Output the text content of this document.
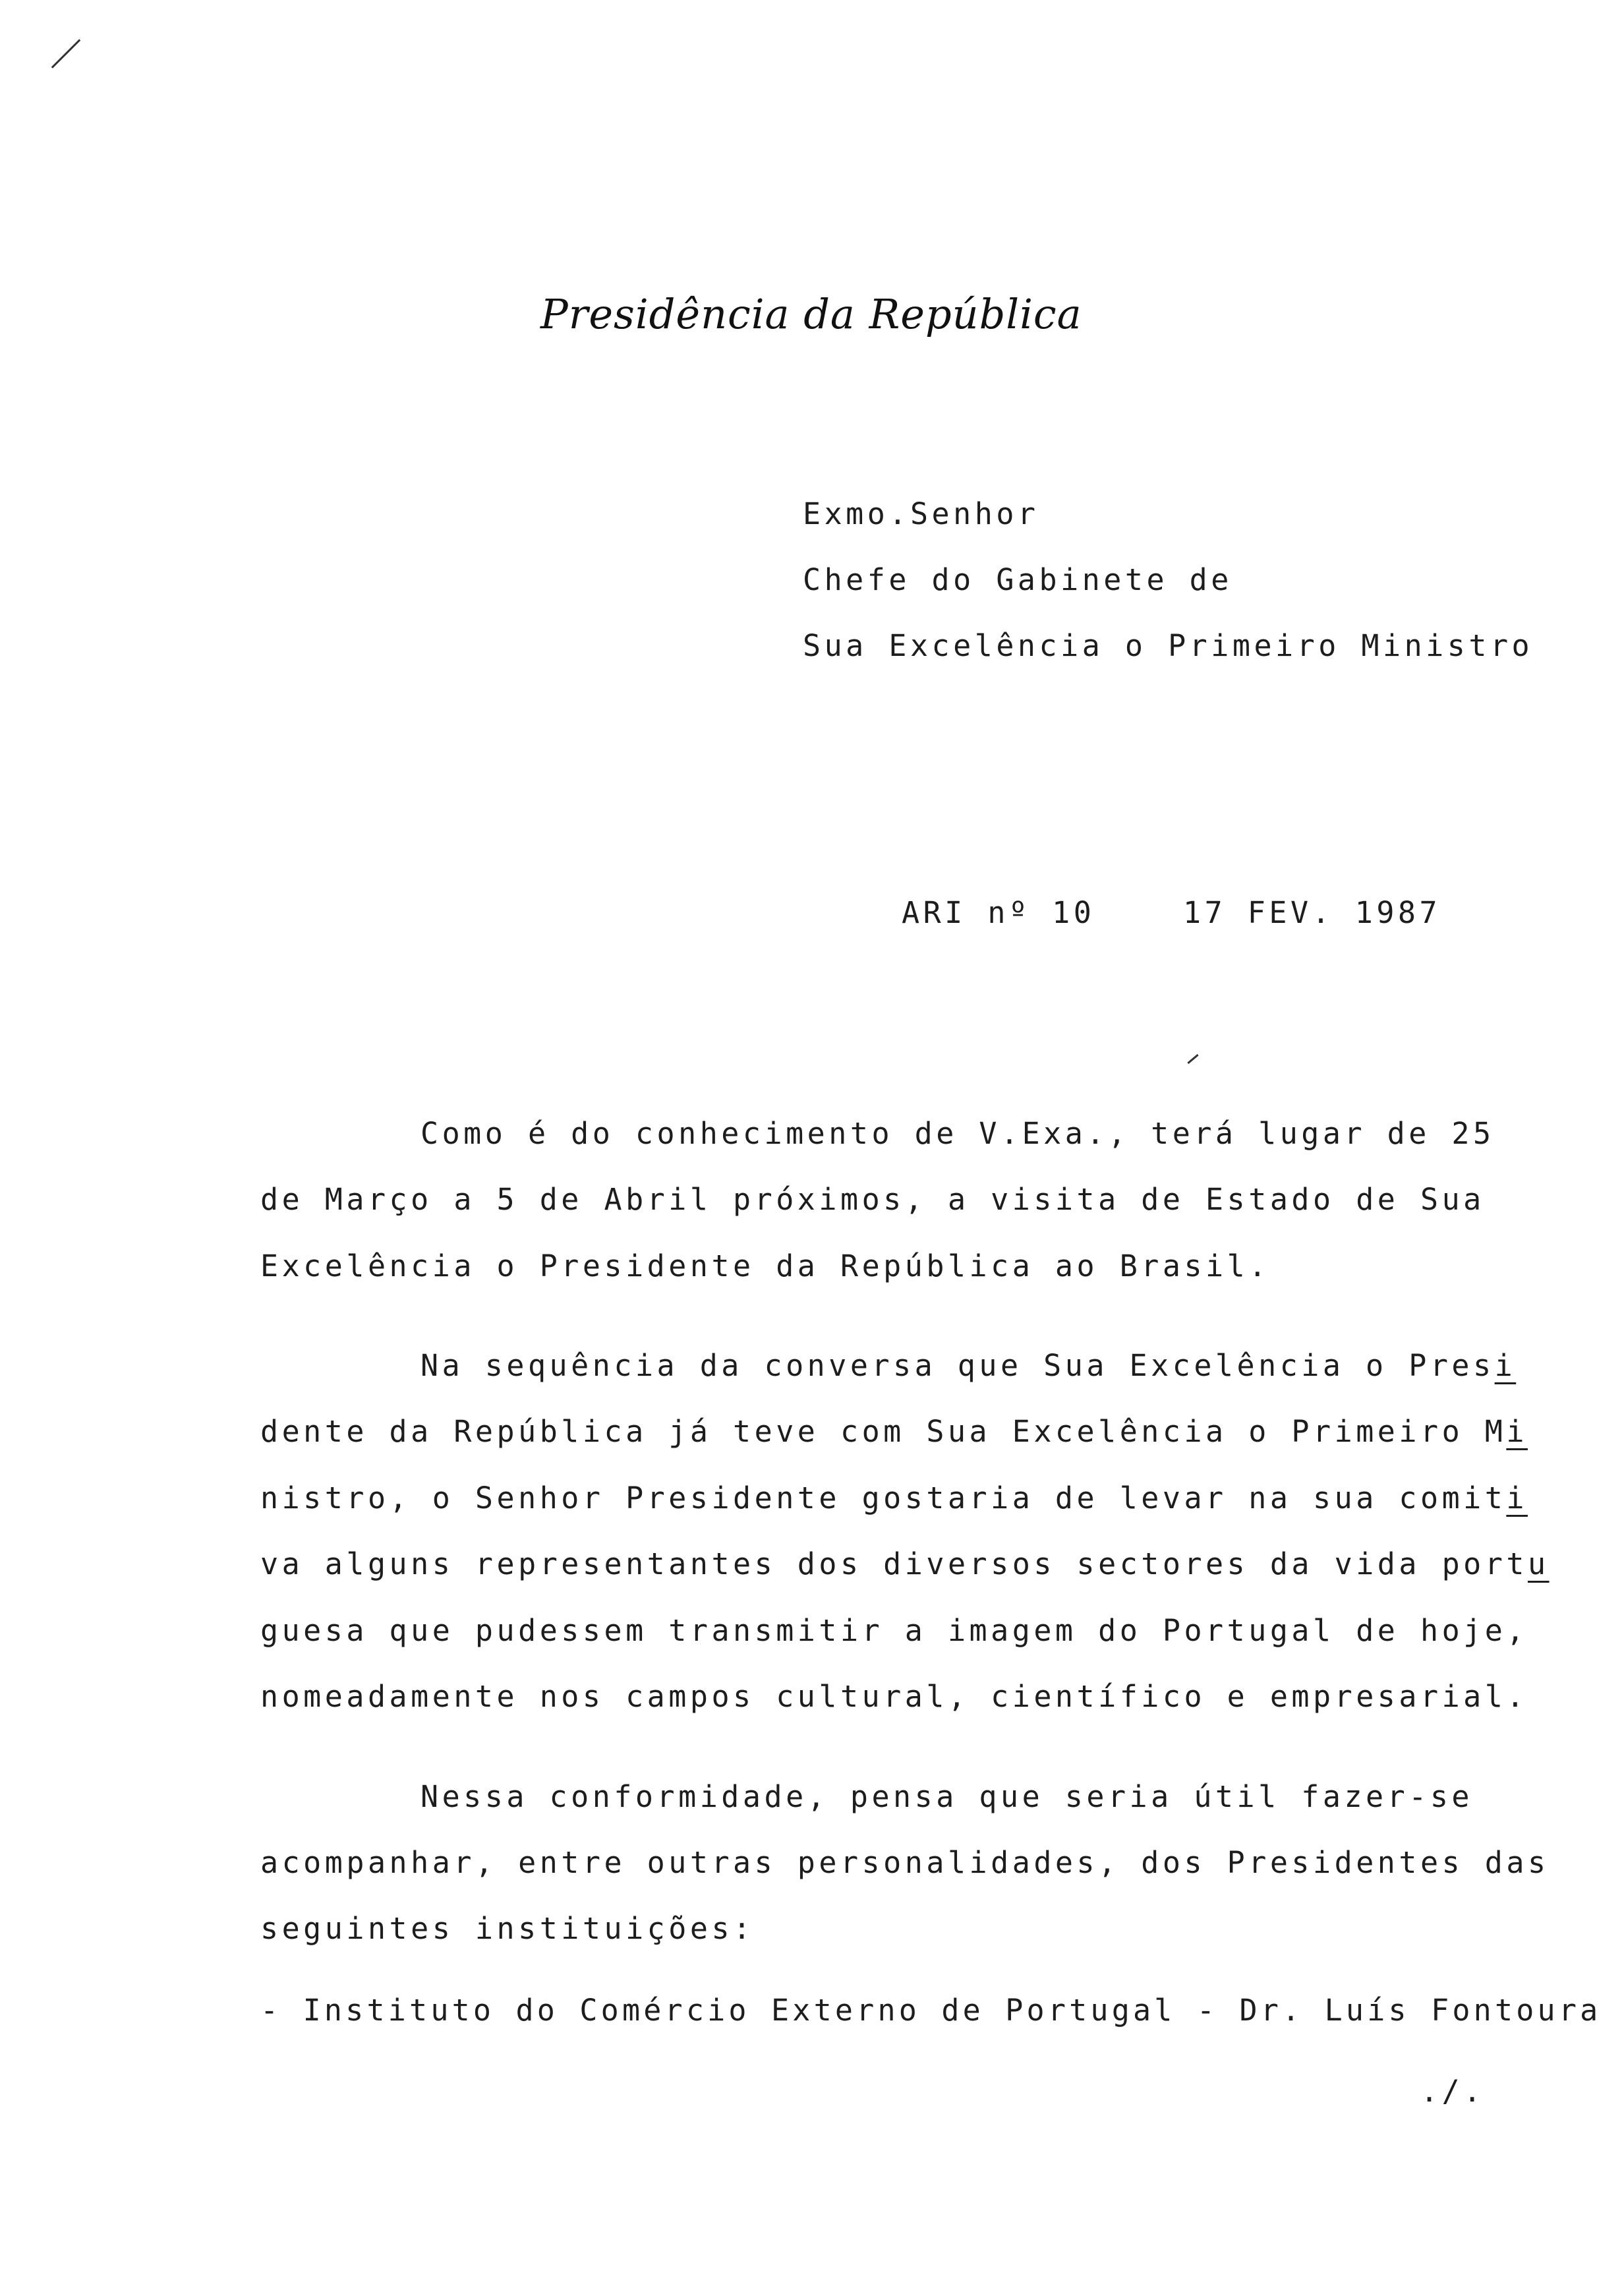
Presidência da República
Exmo.Senhor
Chefe do Gabinete de
Sua Excelência o Primeiro Ministro
ARI nº 10	17 FEV. 1987
Como é do conhecimento de V.Exa., terá lugar de 25
de Março a 5 de Abril próximos, a visita de Estado de Sua
Excelência o Presidente da República ao Brasil.
Na sequência da conversa que Sua Excelência o Presi
dente da República já teve com Sua Excelência o Primeiro Mi
nistro, o Senhor Presidente gostaria de levar na sua comiti
va alguns representantes dos diversos sectores da vida portu
guesa que pudessem transmitir a imagem do Portugal de hoje,
nomeadamente nos campos cultural, científico e empresarial.
Nessa conformidade, pensa que seria útil fazer-se
acompanhar, entre outras personalidades, dos Presidentes das
seguintes instituições:
- Instituto do Comércio Externo de Portugal - Dr. Luís Fontoura
./.
